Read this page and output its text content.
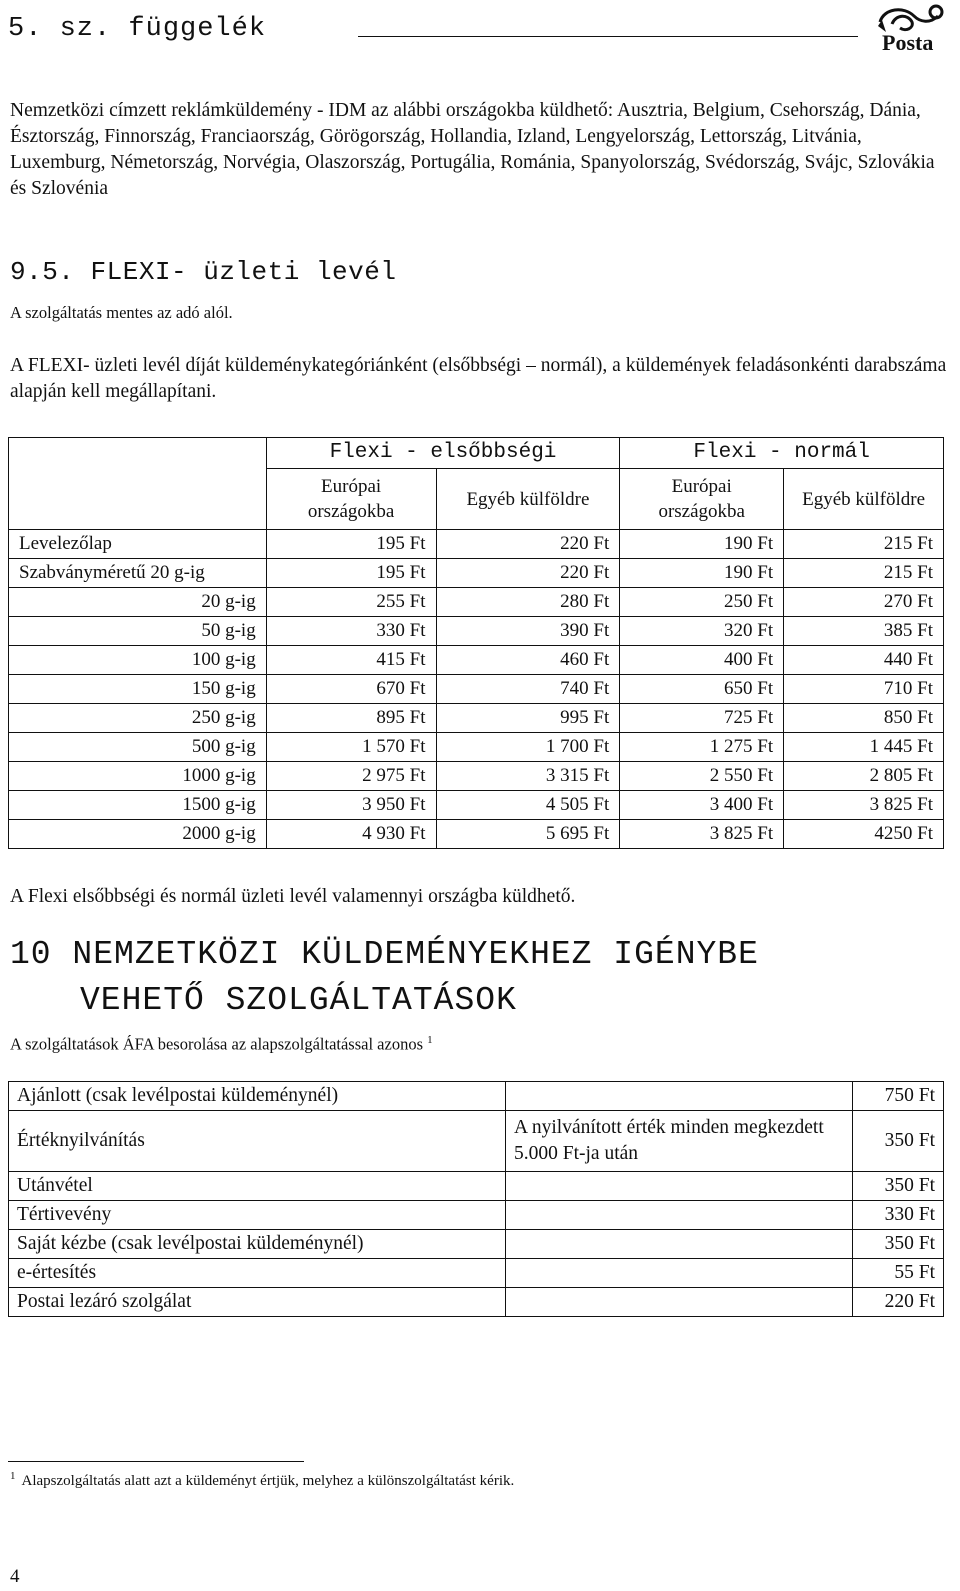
5. sz. függelék	Posta
Nemzetközi címzett reklámküldemény - IDM az alábbi országokba küldhető: Ausztria, Belgium, Csehország, Dánia, Észtország, Finnország, Franciaország, Görögország, Hollandia, Izland, Lengyelország, Lettország, Litvánia, Luxemburg, Németország, Norvégia, Olaszország, Portugália, Románia, Spanyolország, Svédország, Svájc, Szlovákia és Szlovénia
9.5. FLEXI- üzleti levél
A szolgáltatás mentes az adó alól.
A FLEXI- üzleti levél díját küldeménykategóriánként (elsőbbségi – normál), a küldemények feladásonkénti darabszáma alapján kell megállapítani.
	Flexi - elsőbbségi		Flexi - normál	
	Európai országokba	Egyéb külföldre	Európai országokba	Egyéb külföldre
Levelezőlap	195 Ft	220 Ft	190 Ft	215 Ft
Szabványméretű 20 g-ig	195 Ft	220 Ft	190 Ft	215 Ft
20 g-ig	255 Ft	280 Ft	250 Ft	270 Ft
50 g-ig	330 Ft	390 Ft	320 Ft	385 Ft
100 g-ig	415 Ft	460 Ft	400 Ft	440 Ft
150 g-ig	670 Ft	740 Ft	650 Ft	710 Ft
250 g-ig	895 Ft	995 Ft	725 Ft	850 Ft
500 g-ig	1 570 Ft	1 700 Ft	1 275 Ft	1 445 Ft
1000 g-ig	2 975 Ft	3 315 Ft	2 550 Ft	2 805 Ft
1500 g-ig	3 950 Ft	4 505 Ft	3 400 Ft	3 825 Ft
2000 g-ig	4 930 Ft	5 695 Ft	3 825 Ft	4250 Ft
A Flexi elsőbbségi és normál üzleti levél valamennyi országba küldhető.
10 NEMZETKÖZI KÜLDEMÉNYEKHEZ IGÉNYBE
VEHETŐ SZOLGÁLTATÁSOK
A szolgáltatások ÁFA besorolása az alapszolgáltatással azonos $^1$
Ajánlott (csak levélpostai küldeménynél)		750 Ft
Értéknyilvánítás	A nyilvánított érték minden megkezdett 5.000 Ft-ja után	350 Ft
Utánvétel		350 Ft
Tértivevény		330 Ft
Saját kézbe (csak levélpostai küldeménynél)		350 Ft
e-értesítés		55 Ft
Postai lezáró szolgálat		220 Ft
$^1$ Alapszolgáltatás alatt azt a küldeményt értjük, melyhez a különszolgáltatást kérik.
4
